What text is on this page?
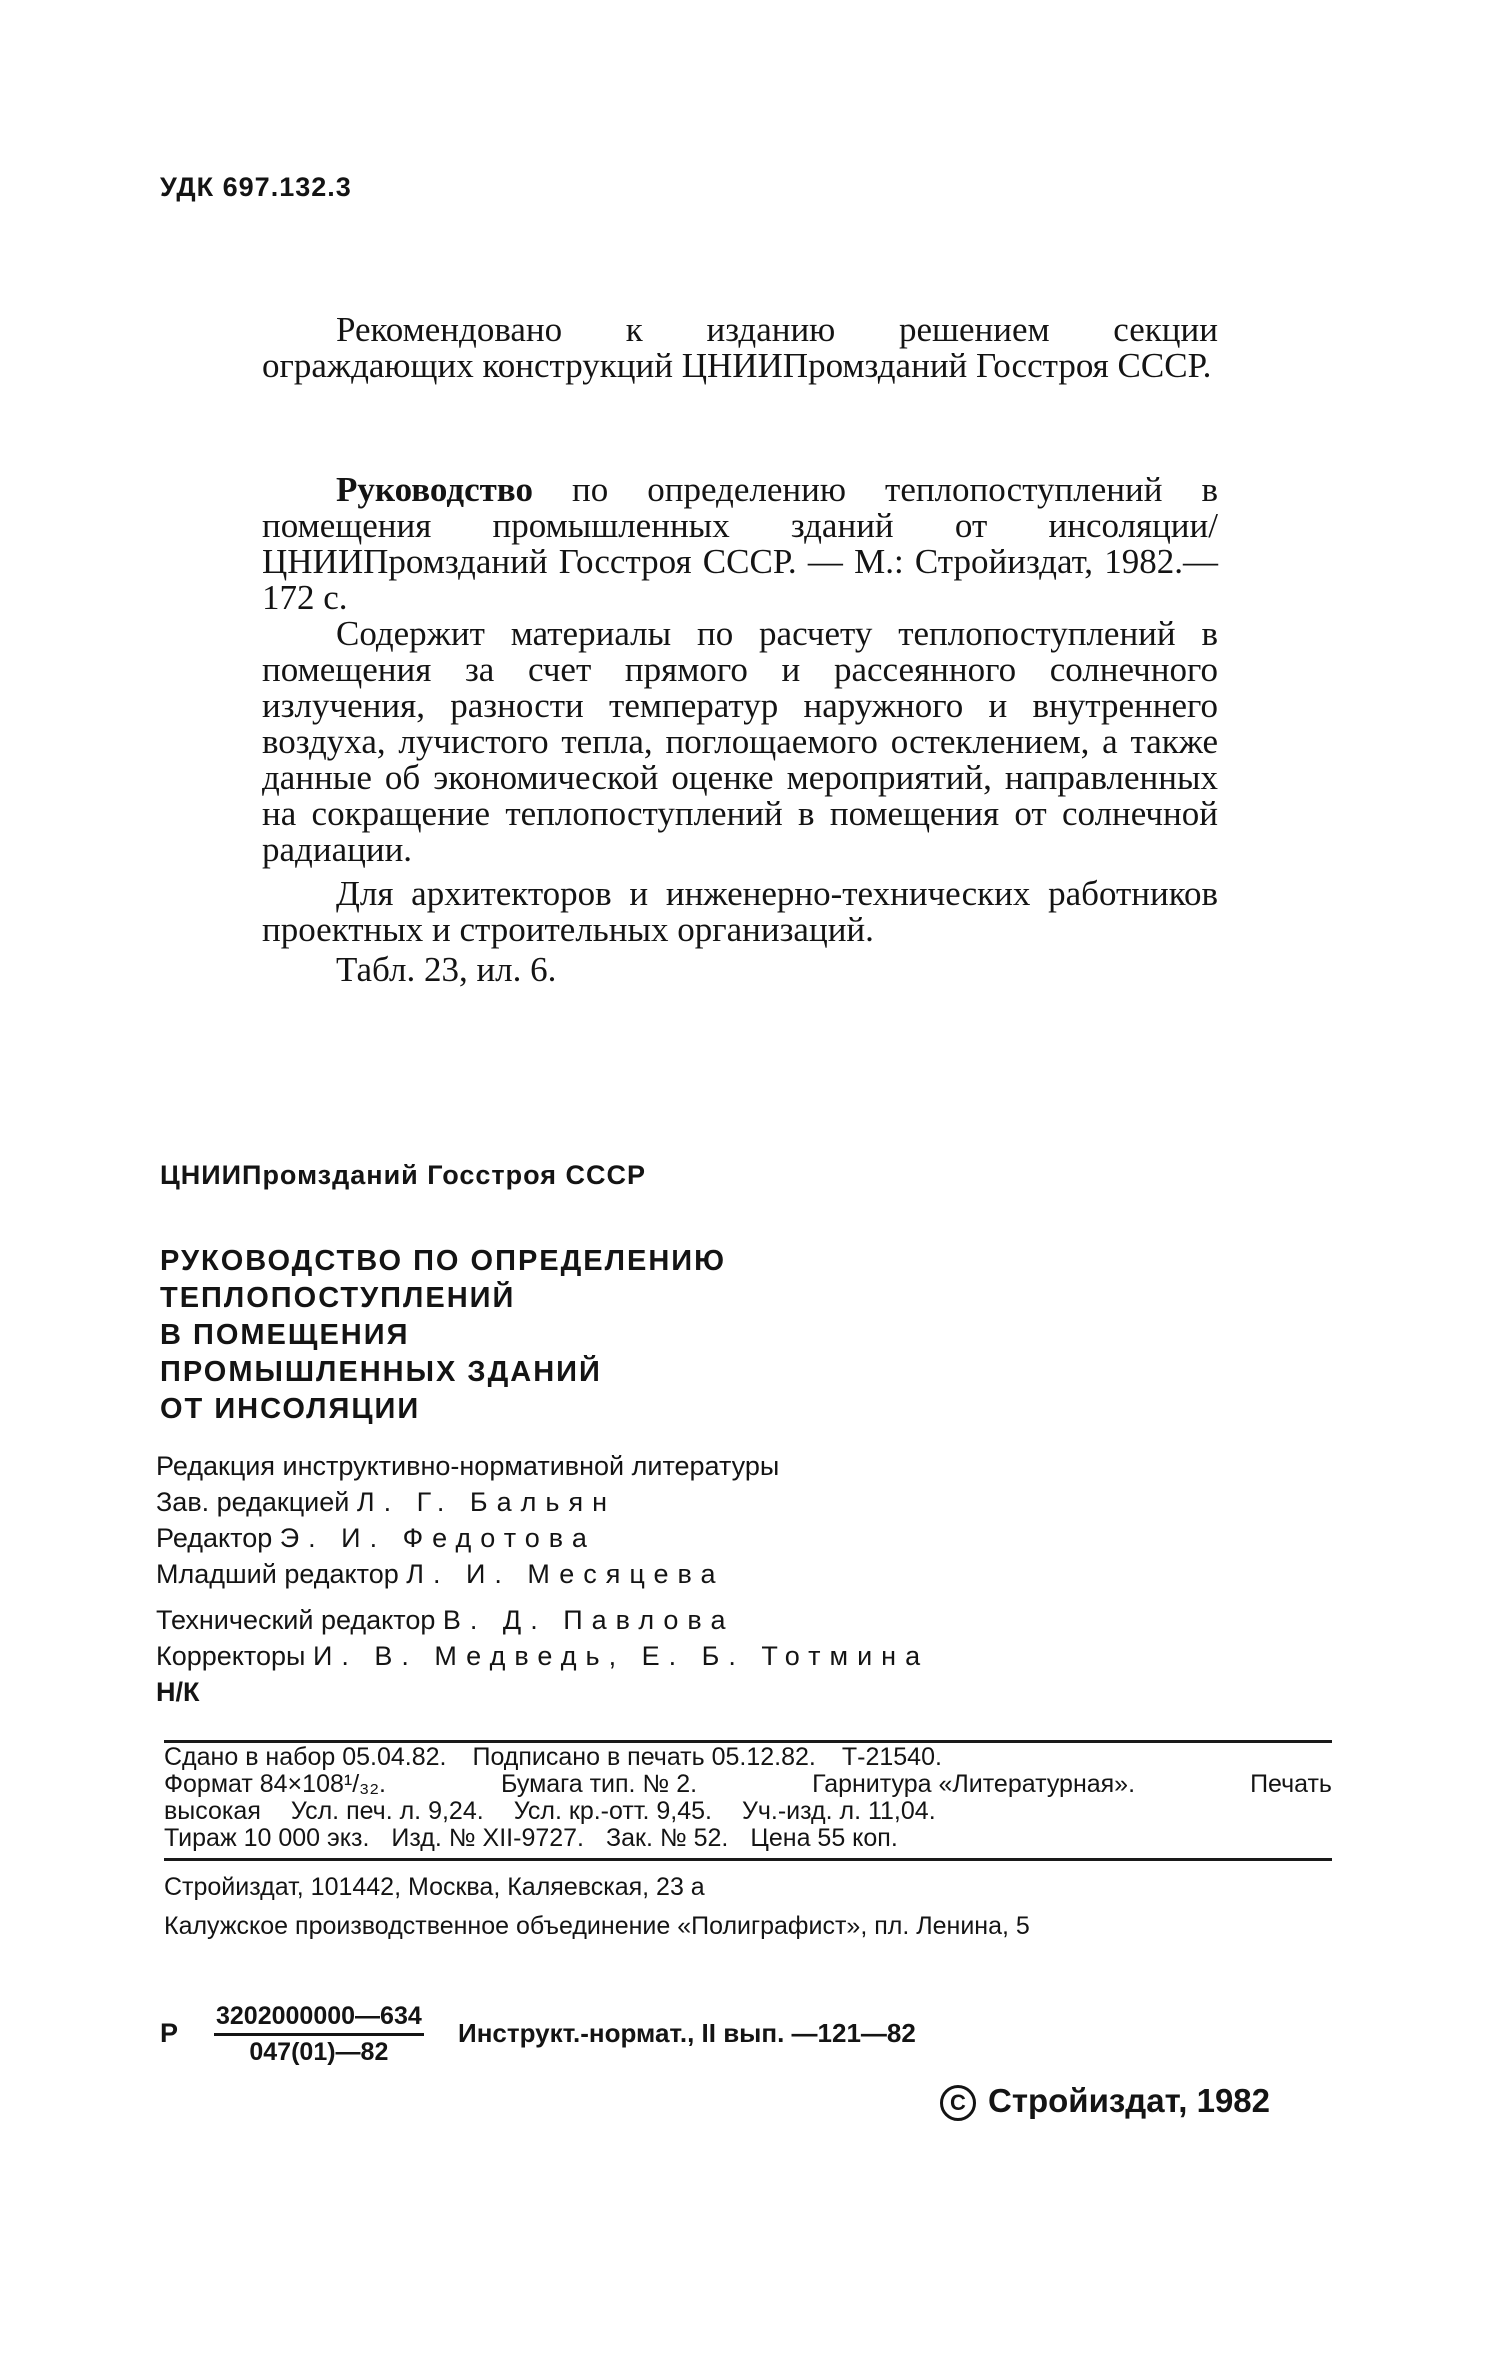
УДК 697.132.3
Рекомендовано к изданию решением секции ограждающих конструкций ЦНИИПромзданий Госстроя СССР.
Руководство по определению теплопоступлений в помещения промышленных зданий от инсоляции/ЦНИИПромзданий Госстроя СССР. — М.: Стройиздат, 1982.—172 с.
Содержит материалы по расчету теплопоступлений в помещения за счет прямого и рассеянного солнечного излучения, разности температур наружного и внутреннего воздуха, лучистого тепла, поглощаемого остеклением, а также данные об экономической оценке мероприятий, направленных на сокращение теплопоступлений в помещения от солнечной радиации.
Для архитекторов и инженерно-технических работников проектных и строительных организаций.
Табл. 23, ил. 6.
ЦНИИПромзданий Госстроя СССР
РУКОВОДСТВО ПО ОПРЕДЕЛЕНИЮ
ТЕПЛОПОСТУПЛЕНИЙ
В ПОМЕЩЕНИЯ
ПРОМЫШЛЕННЫХ ЗДАНИЙ
ОТ ИНСОЛЯЦИИ
Редакция инструктивно-нормативной литературы
Зав. редакцией Л. Г. Бальян
Редактор Э. И. Федотова
Младший редактор Л. И. Месяцева
Технический редактор В. Д. Павлова
Корректоры И. В. Медведь, Е. Б. Тотмина
Н/К
Сдано в набор 05.04.82. Подписано в печать 05.12.82. Т-21540.
Формат 84×108¹/₃₂.	Бумага тип. № 2.	Гарнитура «Литературная».	Печать
высокая Усл. печ. л. 9,24. Усл. кр.-отт. 9,45. Уч.-изд. л. 11,04.
Тираж 10 000 экз. Изд. № XII-9727. Зак. № 52. Цена 55 коп.
Стройиздат, 101442, Москва, Каляевская, 23 а
Калужское производственное объединение «Полиграфист», пл. Ленина, 5
Р $\frac{3202000000—634}{047(01)—82}$ Инструкт.-нормат., II вып. —121—82
C Стройиздат, 1982
